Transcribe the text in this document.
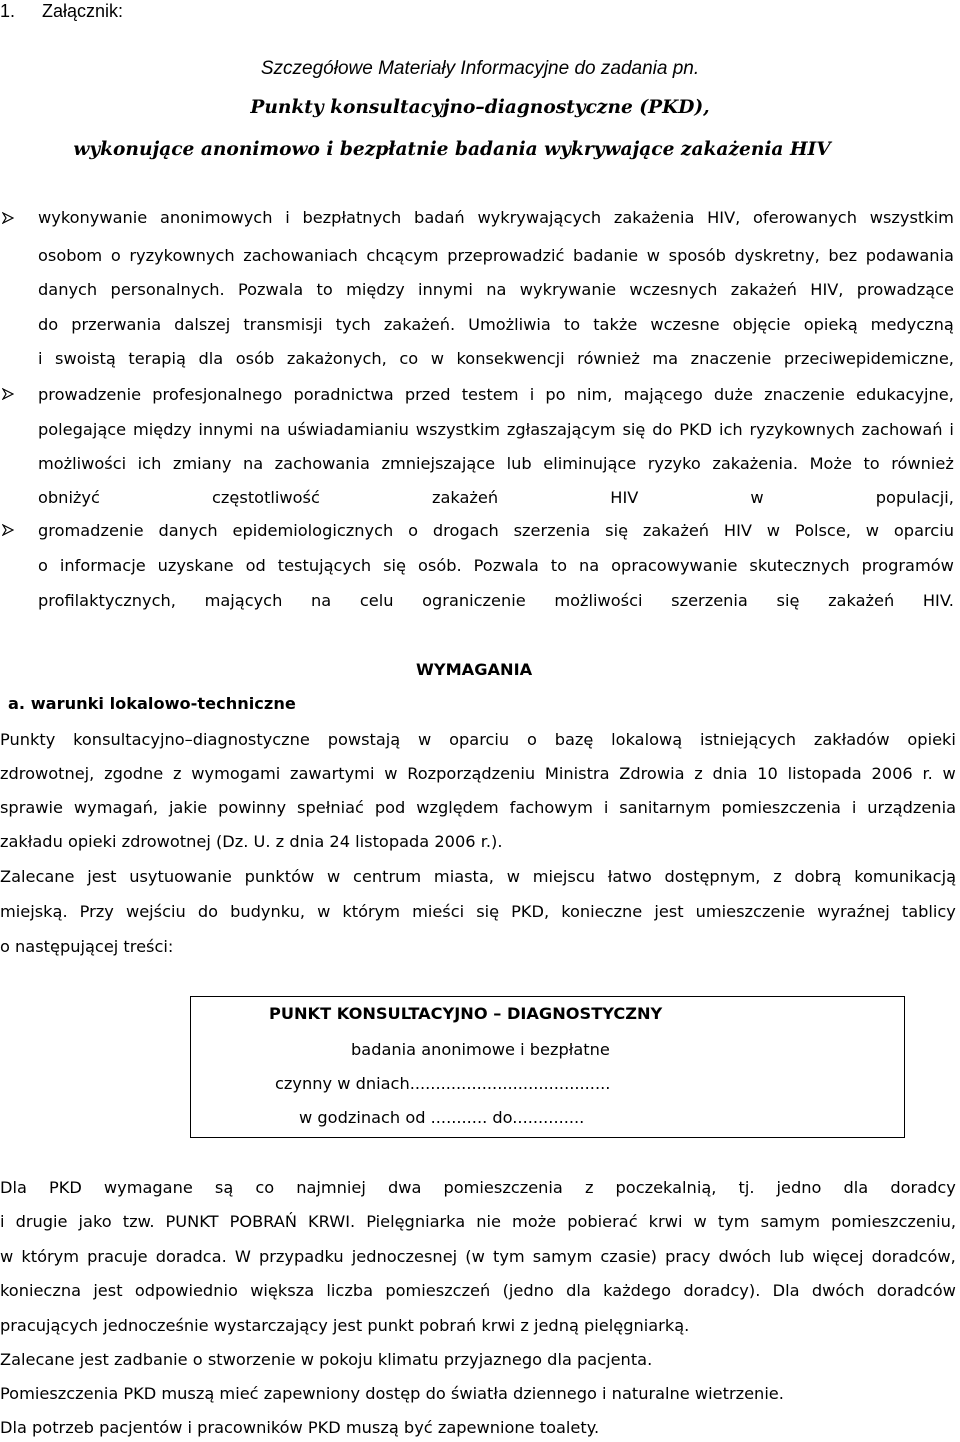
1. Załącznik:
Szczegółowe Materiały Informacyjne do zadania pn.
Punkty konsultacyjno–diagnostyczne (PKD),
wykonujące anonimowo i bezpłatnie badania wykrywające zakażenia HIV
wykonywanie anonimowych i bezpłatnych badań wykrywających zakażenia HIV, oferowanych wszystkim
osobom o ryzykownych zachowaniach chcącym przeprowadzić badanie w sposób dyskretny, bez podawania
danych personalnych. Pozwala to między innymi na wykrywanie wczesnych zakażeń HIV, prowadzące
do przerwania dalszej transmisji tych zakażeń. Umożliwia to także wczesne objęcie opieką medyczną
i swoistą terapią dla osób zakażonych, co w konsekwencji również ma znaczenie przeciwepidemiczne,
prowadzenie profesjonalnego poradnictwa przed testem i po nim, mającego duże znaczenie edukacyjne,
polegające między innymi na uświadamianiu wszystkim zgłaszającym się do PKD ich ryzykownych zachowań i
możliwości ich zmiany na zachowania zmniejszające lub eliminujące ryzyko zakażenia. Może to również
obniżyć	częstotliwość	zakażeń	HIV	w	populacji,
gromadzenie danych epidemiologicznych o drogach szerzenia się zakażeń HIV w Polsce, w oparciu
o informacje uzyskane od testujących się osób. Pozwala to na opracowywanie skutecznych programów
profilaktycznych, mających na celu ograniczenie możliwości szerzenia się zakażeń HIV.
WYMAGANIA
a. warunki lokalowo-techniczne
Punkty konsultacyjno–diagnostyczne powstają w oparciu o bazę lokalową istniejących zakładów opieki
zdrowotnej, zgodne z wymogami zawartymi w Rozporządzeniu Ministra Zdrowia z dnia 10 listopada 2006 r. w
sprawie wymagań, jakie powinny spełniać pod względem fachowym i sanitarnym pomieszczenia i urządzenia
zakładu opieki zdrowotnej (Dz. U. z dnia 24 listopada 2006 r.).
Zalecane jest usytuowanie punktów w centrum miasta, w miejscu łatwo dostępnym, z dobrą komunikacją
miejską. Przy wejściu do budynku, w którym mieści się PKD, konieczne jest umieszczenie wyraźnej tablicy
o następującej treści:
PUNKT KONSULTACYJNO – DIAGNOSTYCZNY
badania anonimowe i bezpłatne
czynny w dniach.......................................
w godzinach od ........... do..............
Dla PKD wymagane są co najmniej dwa pomieszczenia z poczekalnią, tj. jedno dla doradcy
i drugie jako tzw. PUNKT POBRAŃ KRWI. Pielęgniarka nie może pobierać krwi w tym samym pomieszczeniu,
w którym pracuje doradca. W przypadku jednoczesnej (w tym samym czasie) pracy dwóch lub więcej doradców,
konieczna jest odpowiednio większa liczba pomieszczeń (jedno dla każdego doradcy). Dla dwóch doradców
pracujących jednocześnie wystarczający jest punkt pobrań krwi z jedną pielęgniarką.
Zalecane jest zadbanie o stworzenie w pokoju klimatu przyjaznego dla pacjenta.
Pomieszczenia PKD muszą mieć zapewniony dostęp do światła dziennego i naturalne wietrzenie.
Dla potrzeb pacjentów i pracowników PKD muszą być zapewnione toalety.
